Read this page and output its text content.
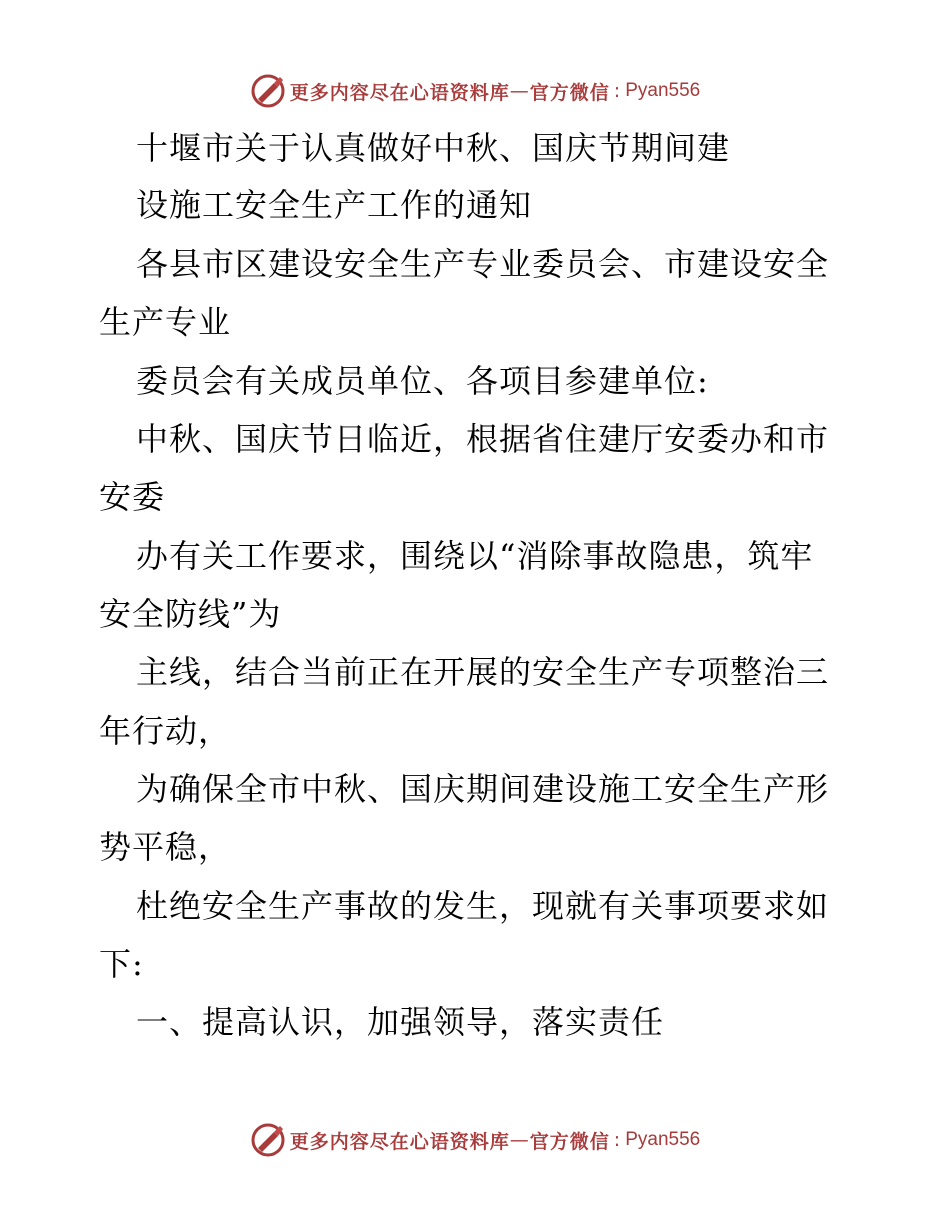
更多内容尽在心语资料库 — 官方微信 : Pyan556
十堰市关于认真做好中秋、国庆节期间建
设施工安全生产工作的通知
各县市区建设安全生产专业委员会、市建设安全
生产专业
委员会有关成员单位、各项目参建单位:
中秋、国庆节日临近，根据省住建厅安委办和市
安委
办有关工作要求，围绕以“消除事故隐患，筑牢
安全防线”为
主线，结合当前正在开展的安全生产专项整治三
年行动，
为确保全市中秋、国庆期间建设施工安全生产形
势平稳，
杜绝安全生产事故的发生，现就有关事项要求如
下:
一、提高认识，加强领导，落实责任
更多内容尽在心语资料库 — 官方微信 : Pyan556
